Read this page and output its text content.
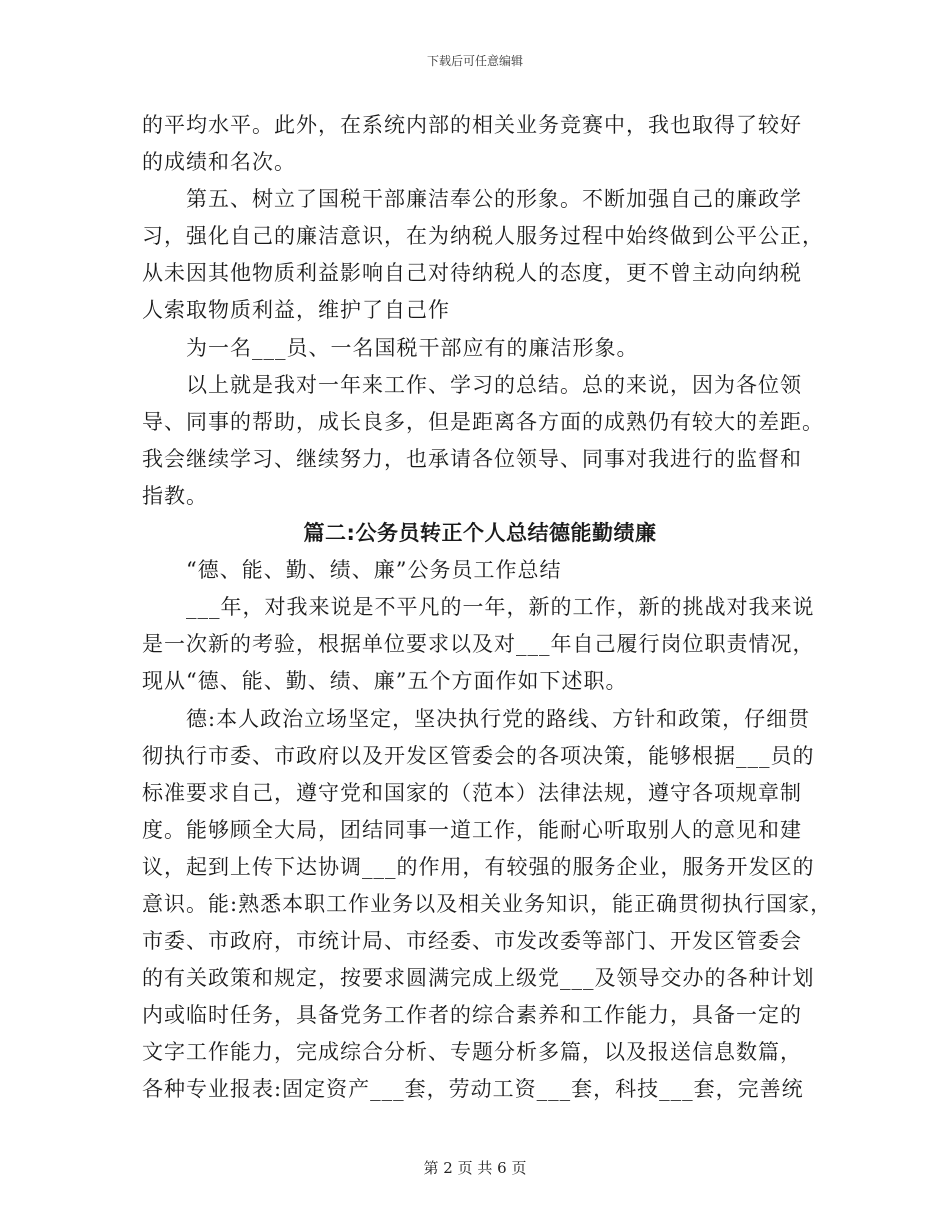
下载后可任意编辑

的平均水平。此外，在系统内部的相关业务竞赛中，我也取得了较好

的成绩和名次。

　　第五、树立了国税干部廉洁奉公的形象。不断加强自己的廉政学

习，强化自己的廉洁意识，在为纳税人服务过程中始终做到公平公正，

从未因其他物质利益影响自己对待纳税人的态度，更不曾主动向纳税

人索取物质利益，维护了自己作

　　为一名___员、一名国税干部应有的廉洁形象。

　　以上就是我对一年来工作、学习的总结。总的来说，因为各位领

导、同事的帮助，成长良多，但是距离各方面的成熟仍有较大的差距。

我会继续学习、继续努力，也承请各位领导、同事对我进行的监督和

指教。

篇二:公务员转正个人总结德能勤绩廉

　　“德、能、勤、绩、廉”公务员工作总结

　　___年，对我来说是不平凡的一年，新的工作，新的挑战对我来说

是一次新的考验，根据单位要求以及对___年自己履行岗位职责情况，

现从“德、能、勤、绩、廉”五个方面作如下述职。

　　德:本人政治立场坚定，坚决执行党的路线、方针和政策，仔细贯

彻执行市委、市政府以及开发区管委会的各项决策，能够根据___员的

标准要求自己，遵守党和国家的（范本）法律法规，遵守各项规章制

度。能够顾全大局，团结同事一道工作，能耐心听取别人的意见和建

议，起到上传下达协调___的作用，有较强的服务企业，服务开发区的

意识。能:熟悉本职工作业务以及相关业务知识，能正确贯彻执行国家，

市委、市政府，市统计局、市经委、市发改委等部门、开发区管委会

的有关政策和规定，按要求圆满完成上级党___及领导交办的各种计划

内或临时任务，具备党务工作者的综合素养和工作能力，具备一定的

文字工作能力，完成综合分析、专题分析多篇，以及报送信息数篇，

各种专业报表:固定资产___套，劳动工资___套，科技___套，完善统

第 2 页 共 6 页
